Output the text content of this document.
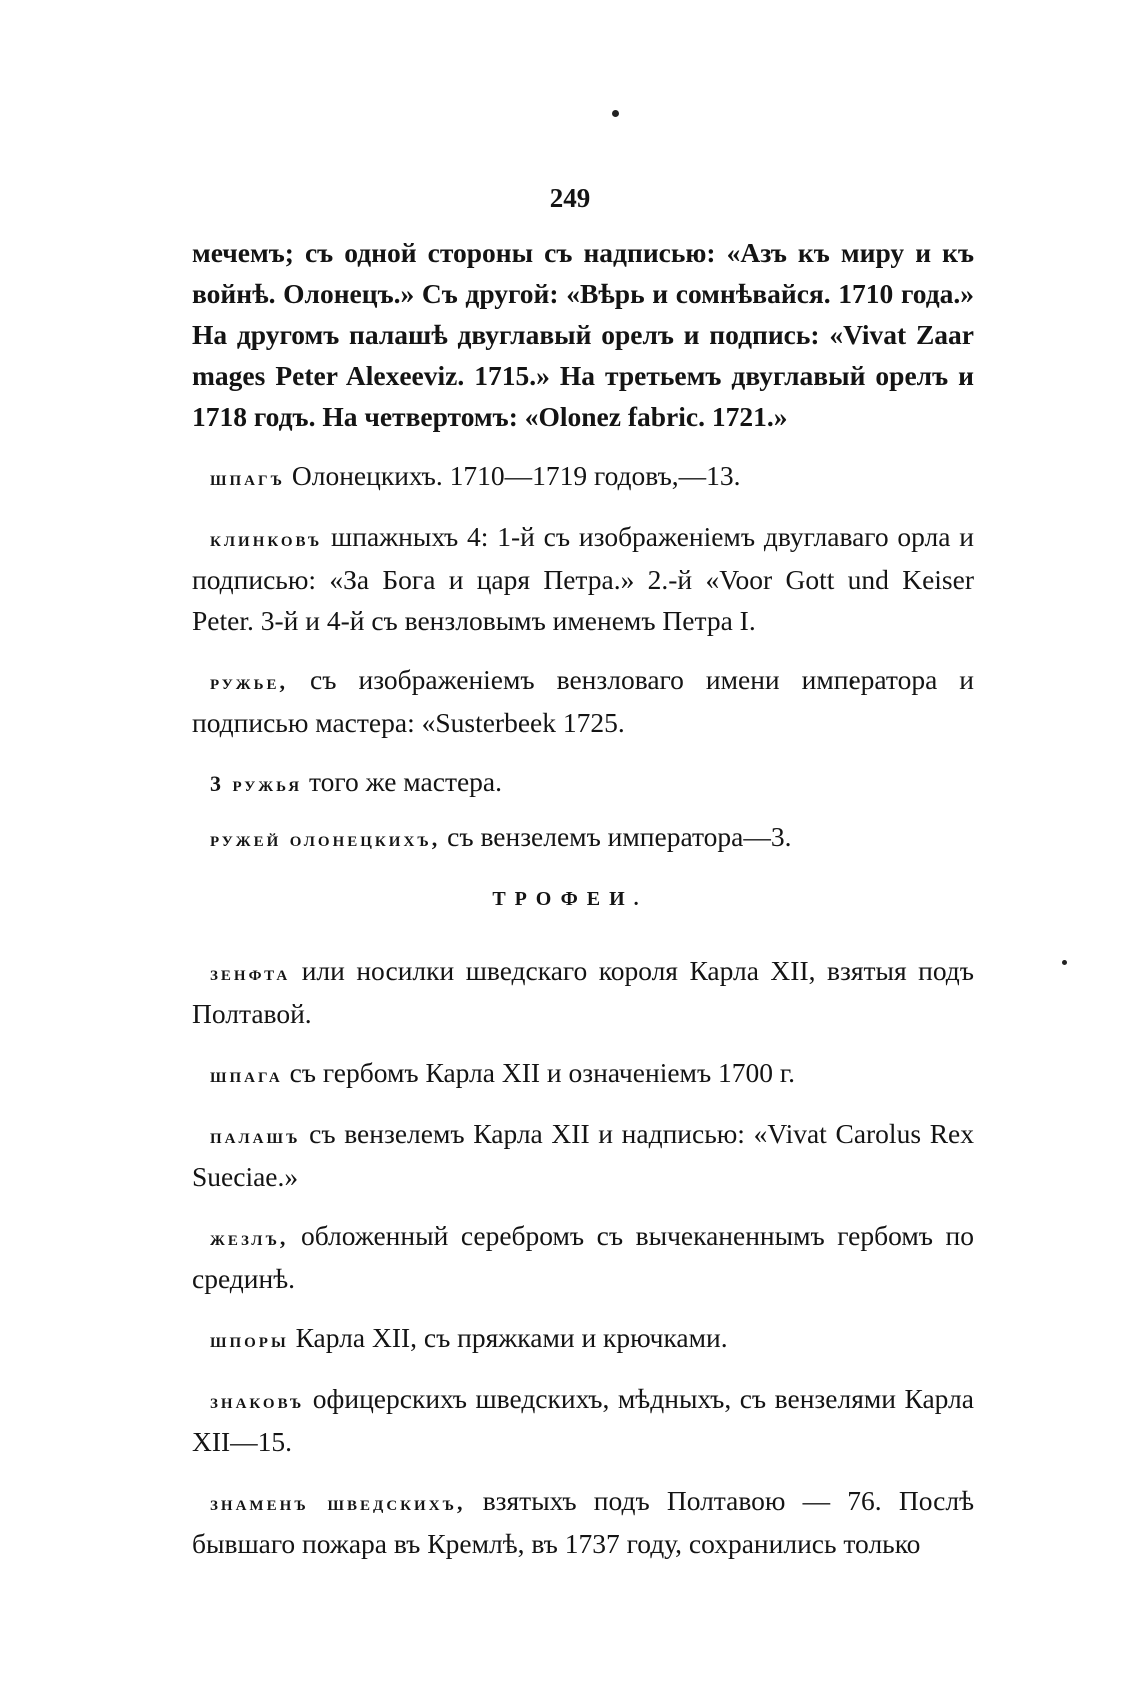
249

мечемъ; съ одной стороны съ надписью: «Азъ къ миру и къ войнѣ. Олонецъ.» Съ другой: «Вѣрь и сомнѣвайся. 1710 года.» На другомъ палашѣ двуглавый орелъ и подпись: «Vivat Zaar mages Peter Alexeeviz. 1715.» На третьемъ двуглавый орелъ и 1718 годъ. На четвертомъ: «Olonez fabric. 1721.»

шпагъ Олонецкихъ. 1710—1719 годовъ,—13.

клинковъ шпажныхъ 4: 1-й съ изображеніемъ двуглаваго орла и подписью: «За Бога и царя Петра.» 2.-й «Voor Gott und Keiser Peter. 3-й и 4-й съ вензловымъ именемъ Петра I.

ружье, съ изображеніемъ вензловаго имени императора и подписью мастера: «Susterbeek 1725.

3 ружья того же мастера.

ружей олонецкихъ, съ вензелемъ императора—3.

ТРОФЕИ.

зенфта или носилки шведскаго короля Карла XII, взятыя подъ Полтавой.

шпага съ гербомъ Карла XII и означеніемъ 1700 г.

палашъ съ вензелемъ Карла XII и надписью: «Vivat Carolus Rex Sueciae.»

жезлъ, обложенный серебромъ съ вычеканеннымъ гербомъ по срединѣ.

шпоры Карла XII, съ пряжками и крючками.

знаковъ офицерскихъ шведскихъ, мѣдныхъ, съ вензелями Карла XII—15.

знаменъ шведскихъ, взятыхъ подъ Полтавою — 76. Послѣ бывшаго пожара въ Кремлѣ, въ 1737 году, сохранились только
